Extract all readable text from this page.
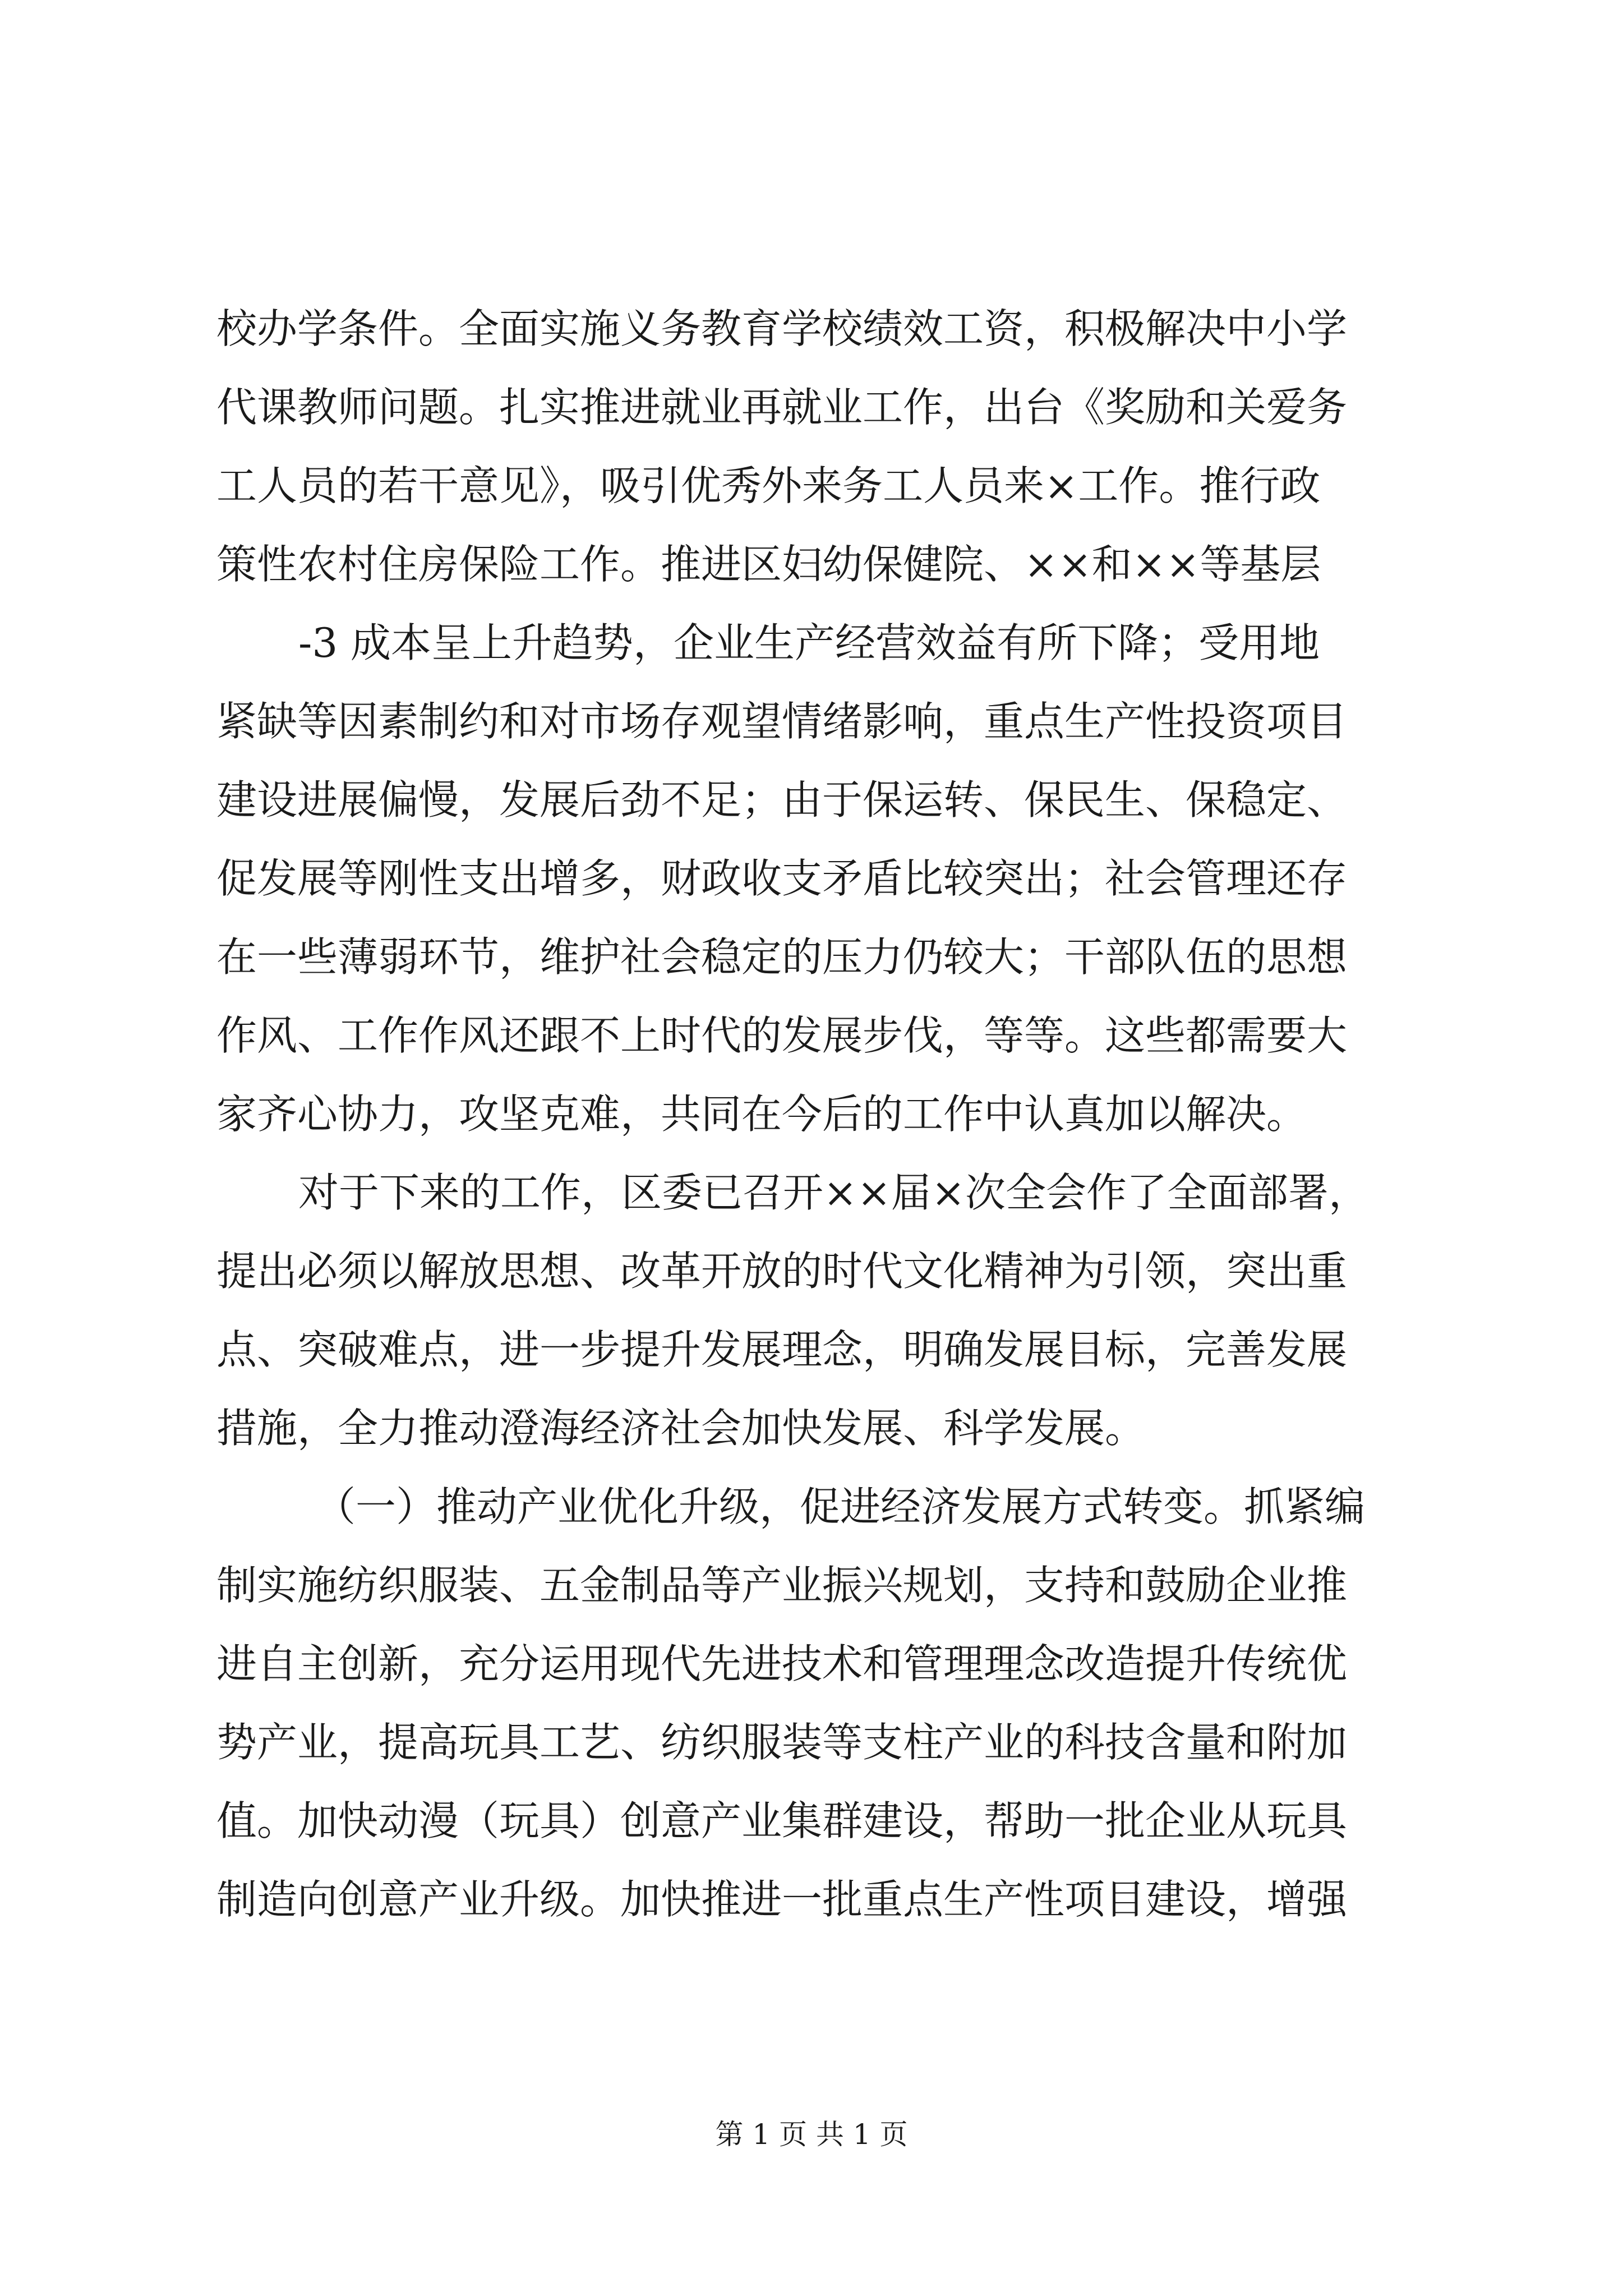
校办学条件。全面实施义务教育学校绩效工资，积极解决中小学
代课教师问题。扎实推进就业再就业工作，出台《奖励和关爱务
工人员的若干意见》，吸引优秀外来务工人员来×工作。推行政
策性农村住房保险工作。推进区妇幼保健院、××和××等基层
-3 成本呈上升趋势，企业生产经营效益有所下降；受用地
紧缺等因素制约和对市场存观望情绪影响，重点生产性投资项目
建设进展偏慢，发展后劲不足；由于保运转、保民生、保稳定、
促发展等刚性支出增多，财政收支矛盾比较突出；社会管理还存
在一些薄弱环节，维护社会稳定的压力仍较大；干部队伍的思想
作风、工作作风还跟不上时代的发展步伐，等等。这些都需要大
家齐心协力，攻坚克难，共同在今后的工作中认真加以解决。
对于下来的工作，区委已召开××届×次全会作了全面部署，
提出必须以解放思想、改革开放的时代文化精神为引领，突出重
点、突破难点，进一步提升发展理念，明确发展目标，完善发展
措施，全力推动澄海经济社会加快发展、科学发展。
（一）推动产业优化升级，促进经济发展方式转变。抓紧编
制实施纺织服装、五金制品等产业振兴规划，支持和鼓励企业推
进自主创新，充分运用现代先进技术和管理理念改造提升传统优
势产业，提高玩具工艺、纺织服装等支柱产业的科技含量和附加
值。加快动漫（玩具）创意产业集群建设，帮助一批企业从玩具
制造向创意产业升级。加快推进一批重点生产性项目建设，增强
第 1 页 共 1 页
